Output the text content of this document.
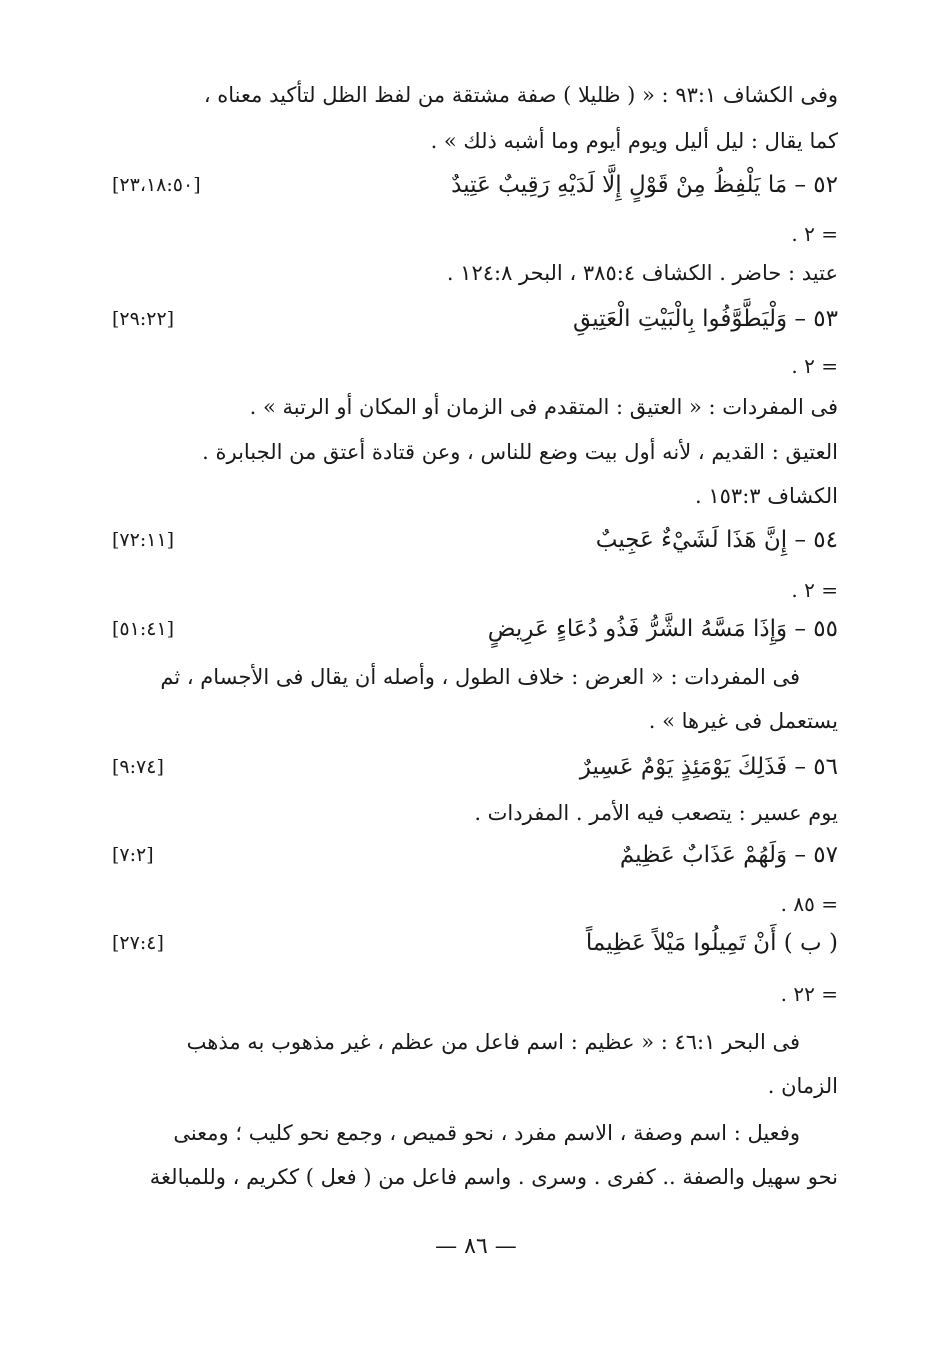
وفى الكشاف ٩٣:١ : « ( ظليلا ) صفة مشتقة من لفظ الظل لتأكيد معناه ،
كما يقال : ليل أليل ويوم أيوم وما أشبه ذلك » .
٥٢ – مَا يَلْفِظُ مِنْ قَوْلٍ إِلَّا لَدَيْهِ رَقِيبٌ عَتِيدٌ
[٢٣،١٨:٥٠]
= ٢ .
عتيد : حاضر . الكشاف ٣٨٥:٤ ، البحر ١٢٤:٨ .
٥٣ – وَلْيَطَّوَّفُوا بِالْبَيْتِ الْعَتِيقِ
[٢٩:٢٢]
= ٢ .
فى المفردات : « العتيق : المتقدم فى الزمان أو المكان أو الرتبة » .
العتيق : القديم ، لأنه أول بيت وضع للناس ، وعن قتادة أعتق من الجبابرة .
الكشاف ١٥٣:٣ .
٥٤ – إِنَّ هَذَا لَشَيْءٌ عَجِيبٌ
[٧٢:١١]
= ٢ .
٥٥ – وَإِذَا مَسَّهُ الشَّرُّ فَذُو دُعَاءٍ عَرِيضٍ
[٥١:٤١]
فى المفردات : « العرض : خلاف الطول ، وأصله أن يقال فى الأجسام ، ثم
يستعمل فى غيرها » .
٥٦ – فَذَلِكَ يَوْمَئِذٍ يَوْمٌ عَسِيرٌ
[٩:٧٤]
يوم عسير : يتصعب فيه الأمر . المفردات .
٥٧ – وَلَهُمْ عَذَابٌ عَظِيمٌ
[٧:٢]
= ٨٥ .
( ب ) أَنْ تَمِيلُوا مَيْلاً عَظِيماً
[٢٧:٤]
= ٢٢ .
فى البحر ٤٦:١ : « عظيم : اسم فاعل من عظم ، غير مذهوب به مذهب
الزمان .
وفعيل : اسم وصفة ، الاسم مفرد ، نحو قميص ، وجمع نحو كليب ؛ ومعنى
نحو سهيل والصفة .. كفرى . وسرى . واسم فاعل من ( فعل ) ككريم ، وللمبالغة
— ٨٦ —
